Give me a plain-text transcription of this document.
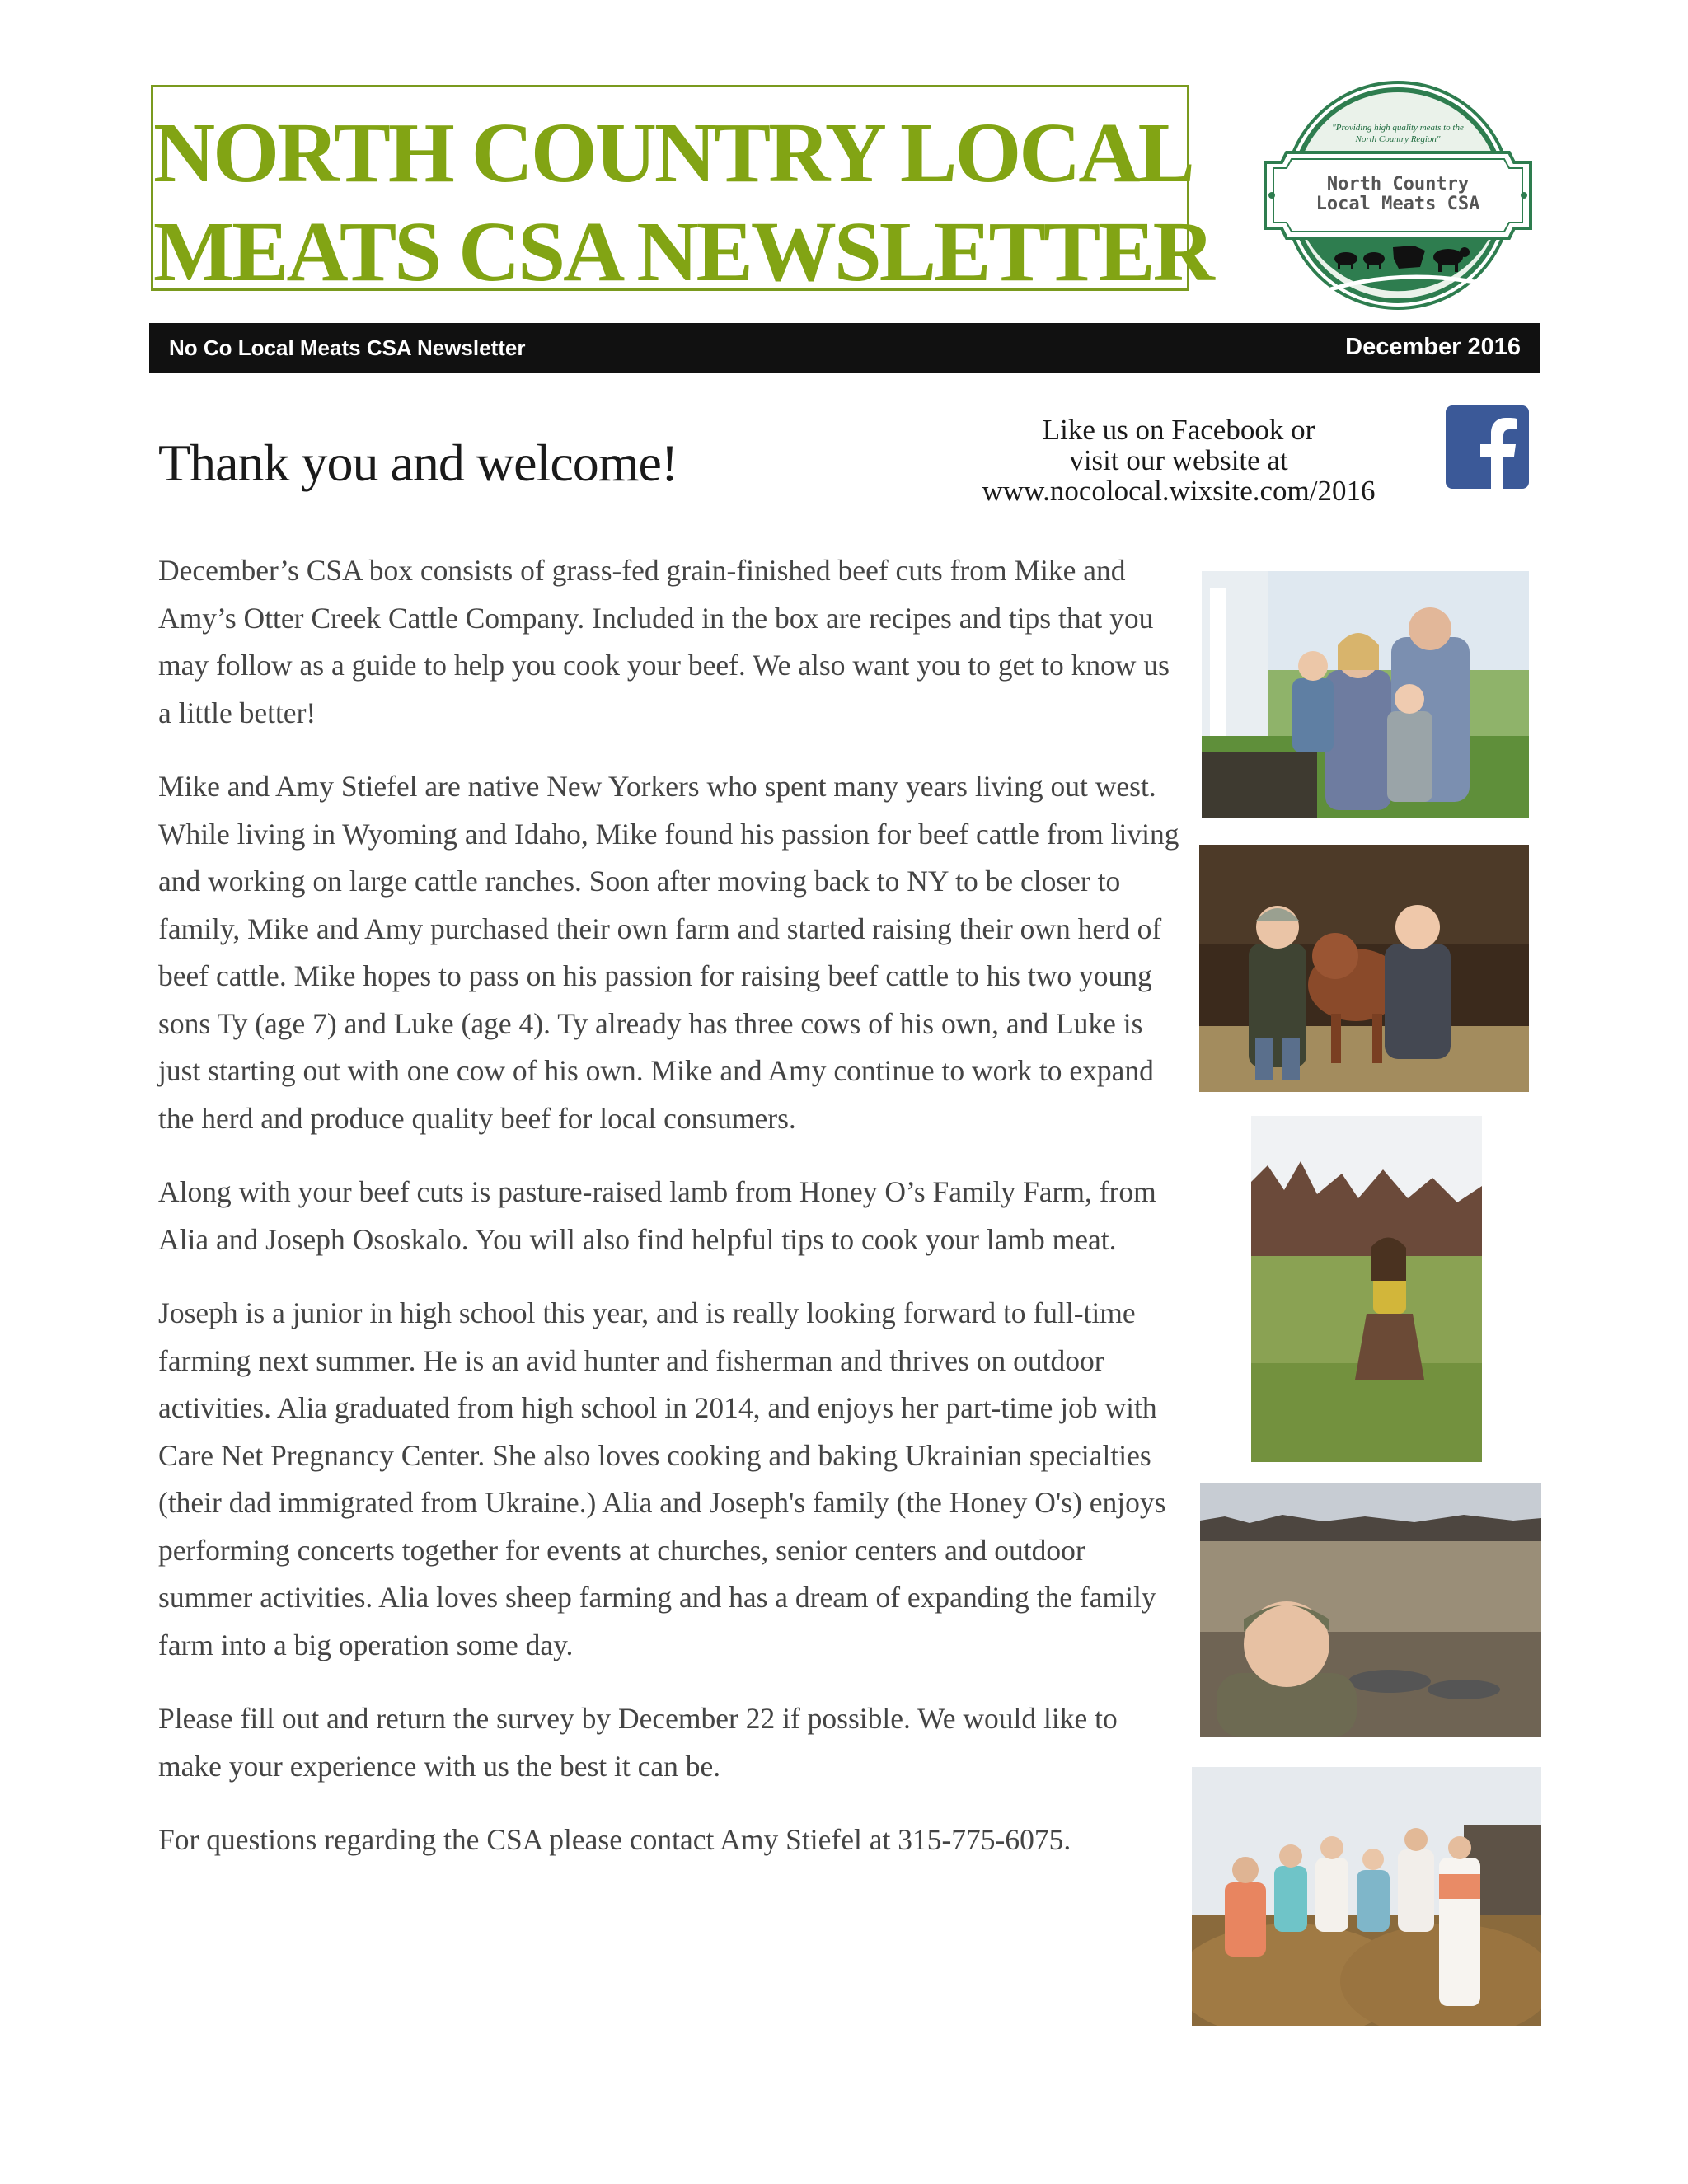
NORTH COUNTRY LOCAL
MEATS CSA NEWSLETTER
"Providing high quality meats to the
North Country Region"
North Country
Local Meats CSA
No Co Local Meats CSA Newsletter	December 2016
Thank you and welcome!
Like us on Facebook or
visit our website at
www.nocolocal.wixsite.com/2016

December’s CSA box consists of grass-fed grain-finished beef cuts from Mike and Amy’s Otter Creek Cattle Company. Included in the box are recipes and tips that you may follow as a guide to help you cook your beef. We also want you to get to know us a little better!

Mike and Amy Stiefel are native New Yorkers who spent many years living out west. While living in Wyoming and Idaho, Mike found his passion for beef cattle from living and working on large cattle ranches. Soon after moving back to NY to be closer to family, Mike and Amy purchased their own farm and started raising their own herd of beef cattle. Mike hopes to pass on his passion for raising beef cattle to his two young sons Ty (age 7) and Luke (age 4). Ty already has three cows of his own, and Luke is just starting out with one cow of his own. Mike and Amy continue to work to expand the herd and produce quality beef for local consumers.

Along with your beef cuts is pasture-raised lamb from Honey O’s Family Farm, from Alia and Joseph Ososkalo. You will also find helpful tips to cook your lamb meat.

Joseph is a junior in high school this year, and is really looking forward to full-time farming next summer. He is an avid hunter and fisherman and thrives on outdoor activities. Alia graduated from high school in 2014, and enjoys her part-time job with Care Net Pregnancy Center. She also loves cooking and baking Ukrainian specialties (their dad immigrated from Ukraine.) Alia and Joseph's family (the Honey O's) enjoys performing concerts together for events at churches, senior centers and outdoor summer activities. Alia loves sheep farming and has a dream of expanding the family farm into a big operation some day.

Please fill out and return the survey by December 22 if possible. We would like to make your experience with us the best it can be.

For questions regarding the CSA please contact Amy Stiefel at 315-775-6075.
